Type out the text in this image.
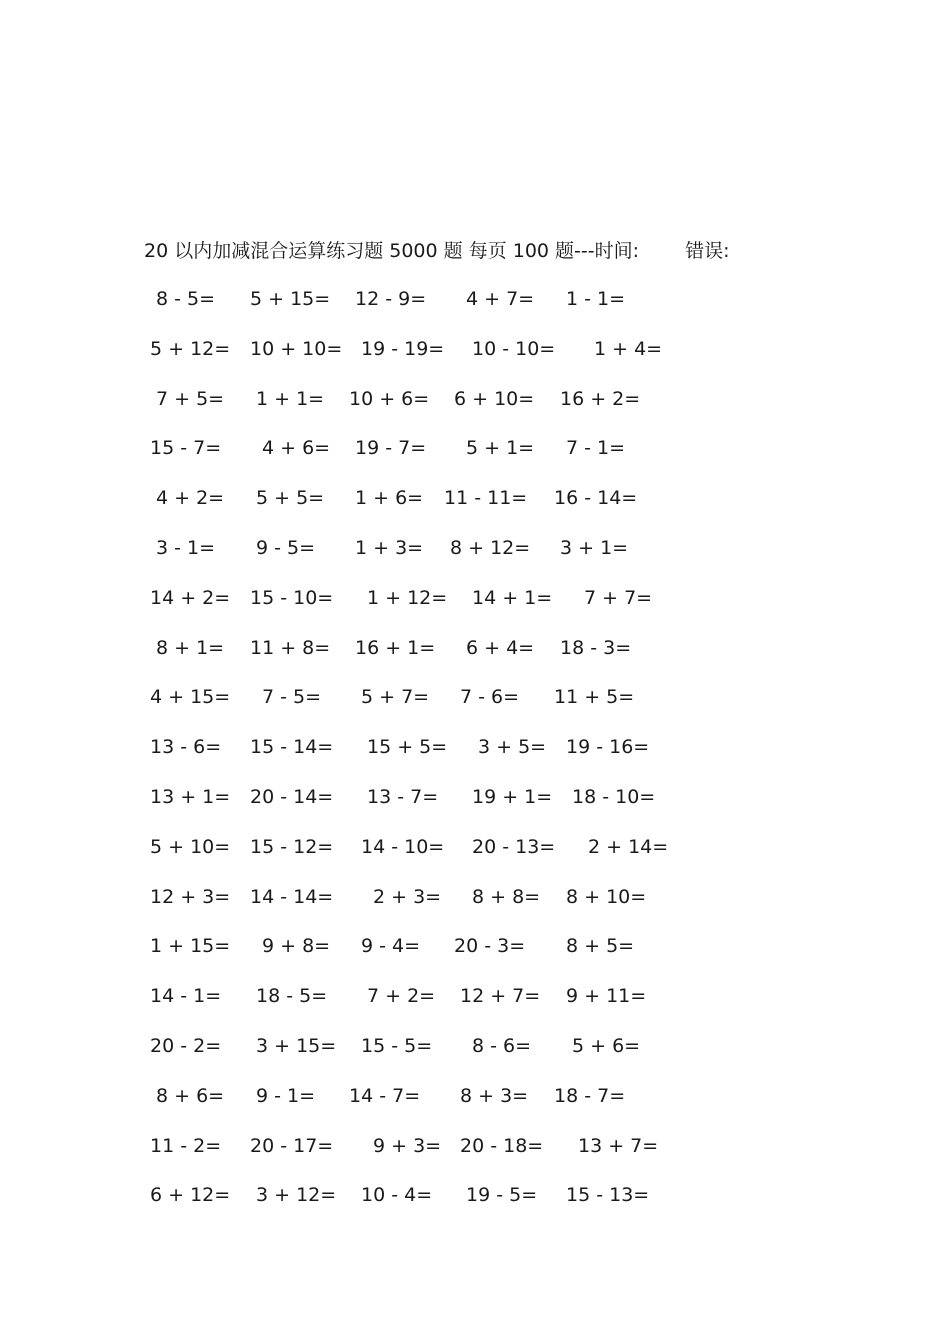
20 以内加减混合运算练习题 5000 题 每页 100 题---时间: 错误:
8 - 5= 5 + 15= 12 - 9= 4 + 7= 1 - 1=
5 + 12= 10 + 10= 19 - 19= 10 - 10= 1 + 4=
7 + 5= 1 + 1= 10 + 6= 6 + 10= 16 + 2=
15 - 7= 4 + 6= 19 - 7= 5 + 1= 7 - 1=
4 + 2= 5 + 5= 1 + 6= 11 - 11= 16 - 14=
3 - 1= 9 - 5= 1 + 3= 8 + 12= 3 + 1=
14 + 2= 15 - 10= 1 + 12= 14 + 1= 7 + 7=
8 + 1= 11 + 8= 16 + 1= 6 + 4= 18 - 3=
4 + 15= 7 - 5= 5 + 7= 7 - 6= 11 + 5=
13 - 6= 15 - 14= 15 + 5= 3 + 5= 19 - 16=
13 + 1= 20 - 14= 13 - 7= 19 + 1= 18 - 10=
5 + 10= 15 - 12= 14 - 10= 20 - 13= 2 + 14=
12 + 3= 14 - 14= 2 + 3= 8 + 8= 8 + 10=
1 + 15= 9 + 8= 9 - 4= 20 - 3= 8 + 5=
14 - 1= 18 - 5= 7 + 2= 12 + 7= 9 + 11=
20 - 2= 3 + 15= 15 - 5= 8 - 6= 5 + 6=
8 + 6= 9 - 1= 14 - 7= 8 + 3= 18 - 7=
11 - 2= 20 - 17= 9 + 3= 20 - 18= 13 + 7=
6 + 12= 3 + 12= 10 - 4= 19 - 5= 15 - 13=
